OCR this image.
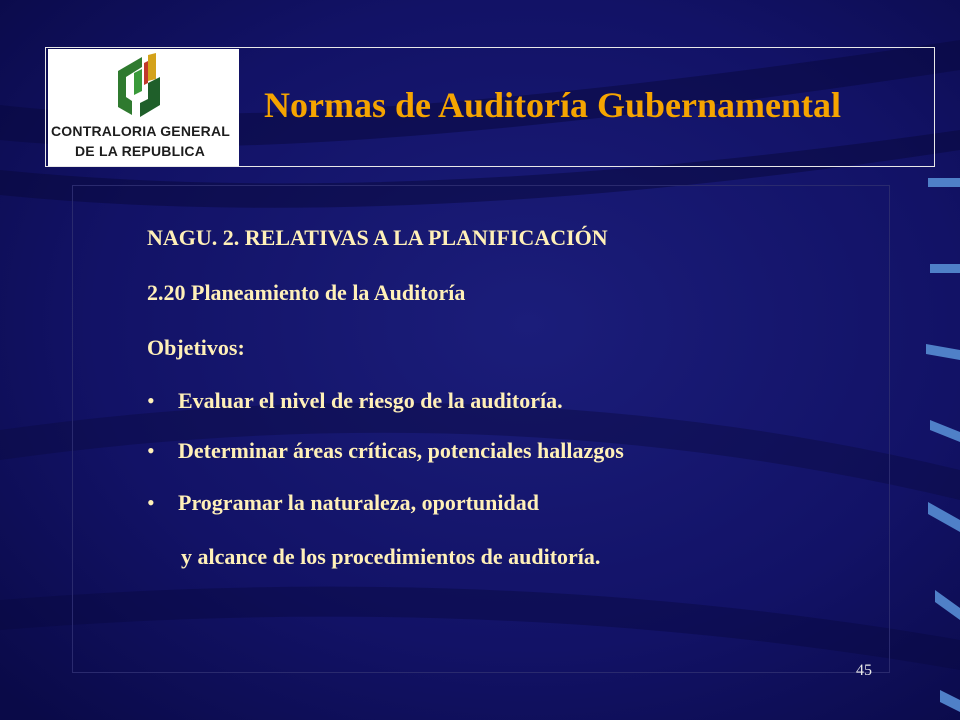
CONTRALORIA GENERAL
DE LA REPUBLICA
Normas de Auditoría Gubernamental
NAGU. 2. RELATIVAS A LA PLANIFICACIÓN
2.20 Planeamiento de la Auditoría
Objetivos:
• Evaluar el nivel de riesgo de la auditoría.
• Determinar áreas críticas, potenciales hallazgos
• Programar la naturaleza, oportunidad
y alcance de los procedimientos de auditoría.
45
